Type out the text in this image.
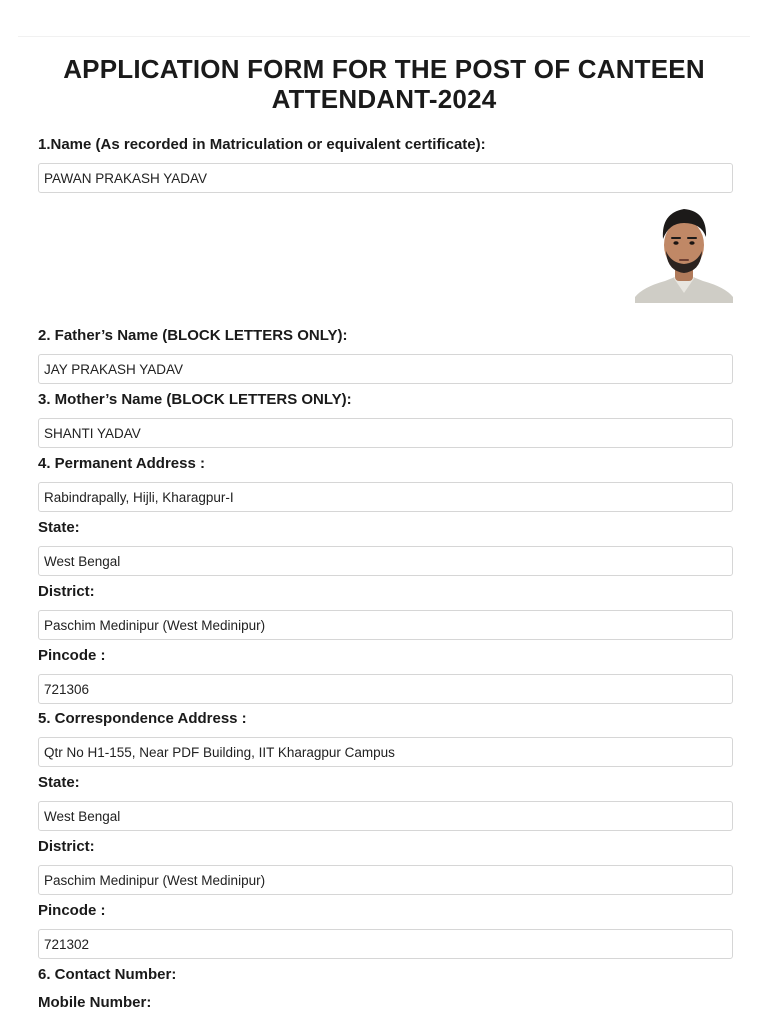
APPLICATION FORM FOR THE POST OF CANTEEN ATTENDANT-2024
1.Name (As recorded in Matriculation or equivalent certificate):
PAWAN PRAKASH YADAV
2. Father’s Name (BLOCK LETTERS ONLY):
JAY PRAKASH YADAV
3. Mother’s Name (BLOCK LETTERS ONLY):
SHANTI YADAV
4. Permanent Address :
Rabindrapally, Hijli, Kharagpur-I
State:
West Bengal
District:
Paschim Medinipur (West Medinipur)
Pincode :
721306
5. Correspondence Address :
Qtr No H1-155, Near PDF Building, IIT Kharagpur Campus
State:
West Bengal
District:
Paschim Medinipur (West Medinipur)
Pincode :
721302
6. Contact Number:
Mobile Number:
